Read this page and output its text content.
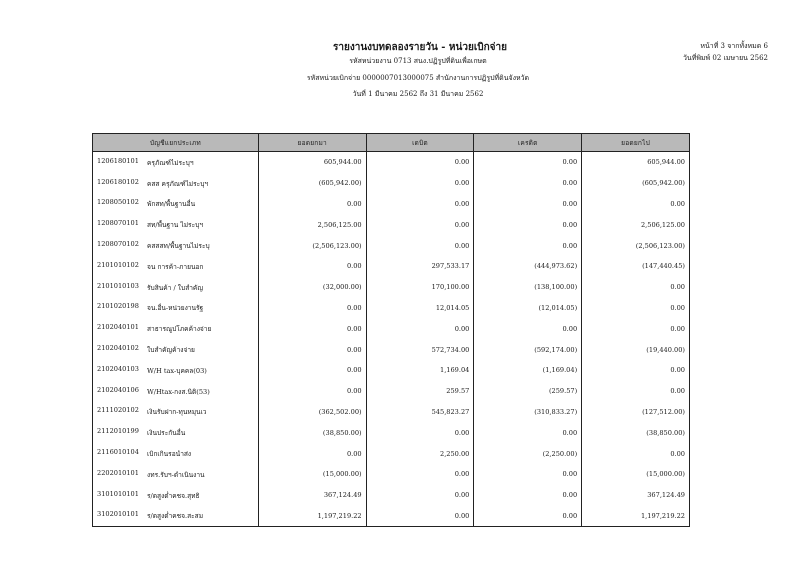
รายงานงบทดลองรายวัน - หน่วยเบิกจ่าย
รหัสหน่วยงาน 0713 สนง.ปฏิรูปที่ดินเพื่อเกษต
รหัสหน่วยเบิกจ่าย 0000007013000075 สำนักงานการปฏิรูปที่ดินจังหวัด
วันที่ 1 มีนาคม 2562 ถึง 31 มีนาคม 2562
หน้าที่ 3 จากทั้งหมด 6
วันที่พิมพ์ 02 เมษายน 2562
บัญชีแยกประเภท	ยอดยกมา	เดบิต	เครดิต	ยอดยกไป

1206180101 ครุภัณฑ์ไม่ระบุฯ	605,944.00	0.00	0.00	605,944.00

1206180102 คสส ครุภัณฑ์ไม่ระบุฯ	(605,942.00)	0.00	0.00	(605,942.00)

1208050102 พักสท/พื้นฐานอื่น	0.00	0.00	0.00	0.00

1208070101 สท/พื้นฐาน ไม่ระบุฯ	2,506,125.00	0.00	0.00	2,506,125.00

1208070102 คสสสท/พื้นฐานไม่ระบุ	(2,506,123.00)	0.00	0.00	(2,506,123.00)

2101010102 จน การค้า-ภายนอก	0.00	297,533.17	(444,973.62)	(147,440.45)

2101010103 รับสินค้า / ใบสำคัญ	(32,000.00)	170,100.00	(138,100.00)	0.00

2101020198 จน.อื่น-หน่วยงานรัฐ	0.00	12,014.05	(12,014.05)	0.00

2102040101 สาธารณูปโภคค้างจ่าย	0.00	0.00	0.00	0.00

2102040102 ใบสำคัญค้างจ่าย	0.00	572,734.00	(592,174.00)	(19,440.00)

2102040103 W/H tax-บุคคล(03)	0.00	1,169.04	(1,169.04)	0.00

2102040106 W/Htax-กงส.นิติ(53)	0.00	259.57	(259.57)	0.00

2111020102 เงินรับฝาก-ทุนหมุนเว	(362,502.00)	545,823.27	(310,833.27)	(127,512.00)

2112010199 เงินประกันอื่น	(38,850.00)	0.00	0.00	(38,850.00)

2116010104 เบิกเกินรอนำส่ง	0.00	2,250.00	(2,250.00)	0.00

2202010101 งทร.รับฯ-ดำเนินงาน	(15,000.00)	0.00	0.00	(15,000.00)

3101010101 ร/ดสูงต่ำคชจ.สุทธิ	367,124.49	0.00	0.00	367,124.49

3102010101 ร/ดสูงต่ำคชจ.สะสม	1,197,219.22	0.00	0.00	1,197,219.22
